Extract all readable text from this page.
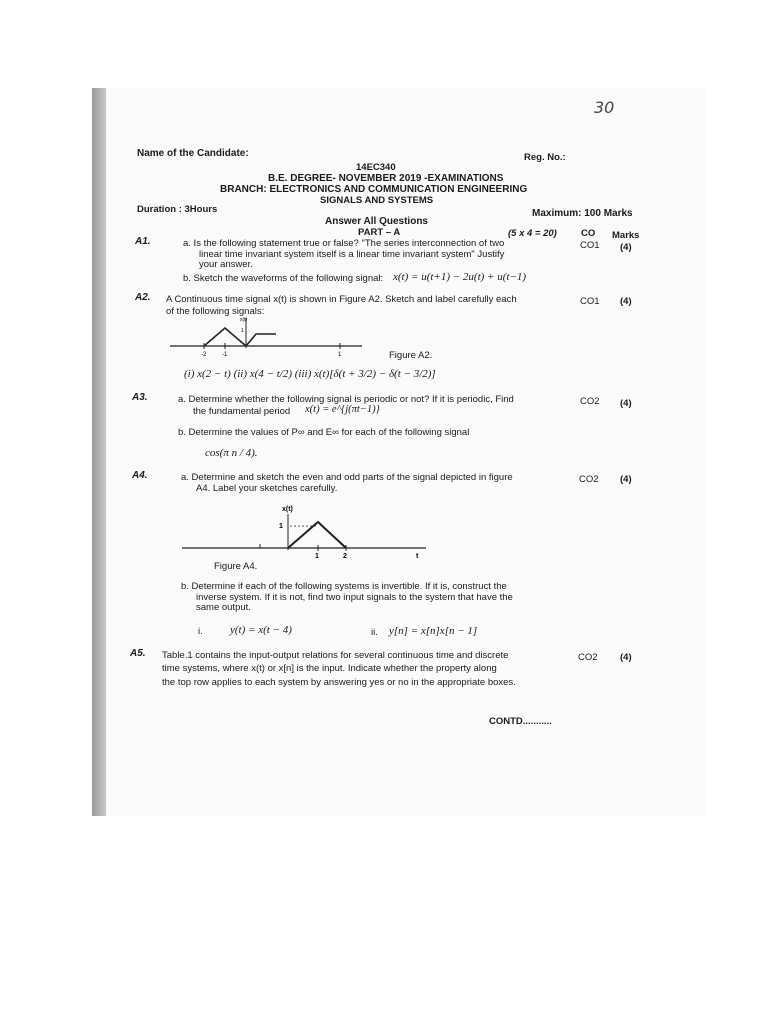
30
Name of the Candidate:	Reg. No.:
14EC340
B.E. DEGREE- NOVEMBER 2019 -EXAMINATIONS
BRANCH: ELECTRONICS AND COMMUNICATION ENGINEERING
SIGNALS AND SYSTEMS
Duration : 3Hours	Maximum: 100 Marks
Answer All Questions
PART – A	(5 x 4 = 20)	CO Marks
A1.	a. Is the following statement true or false? "The series interconnection of two
linear time invariant system itself is a linear time invariant system" Justify
your answer.
CO1 (4)
b. Sketch the waveforms of the following signal: x(t) = u(t+1) − 2u(t) + u(t−1)
A2. A Continuous time signal x(t) is shown in Figure A2. Sketch and label carefully each
of the following signals:
CO1 (4)
x(t)
1
-2	-1	1	Figure A2.
(i) x(2 − t) (ii) x(4 − t/2) (iii) x(t)[δ(t + 3/2) − δ(t − 3/2)]
A3.	a. Determine whether the following signal is periodic or not? If it is periodic, Find
the fundamental period x(t) = e^{j(πt−1)}
CO2 (4)
b. Determine the values of P∞ and E∞ for each of the following signal
cos(π n / 4).
A4.	a. Determine and sketch the even and odd parts of the signal depicted in figure
A4. Label your sketches carefully.
CO2 (4)
x(t)
1
1	2	t
Figure A4.
b. Determine if each of the following systems is invertible. If it is, construct the
inverse system. If it is not, find two input signals to the system that have the
same output.
i. y(t) = x(t − 4)	ii. y[n] = x[n]x[n − 1]
A5. Table.1 contains the input-output relations for several continuous time and discrete
time systems, where x(t) or x[n] is the input. Indicate whether the property along
the top row applies to each system by answering yes or no in the appropriate boxes.
CO2 (4)
CONTD...........
